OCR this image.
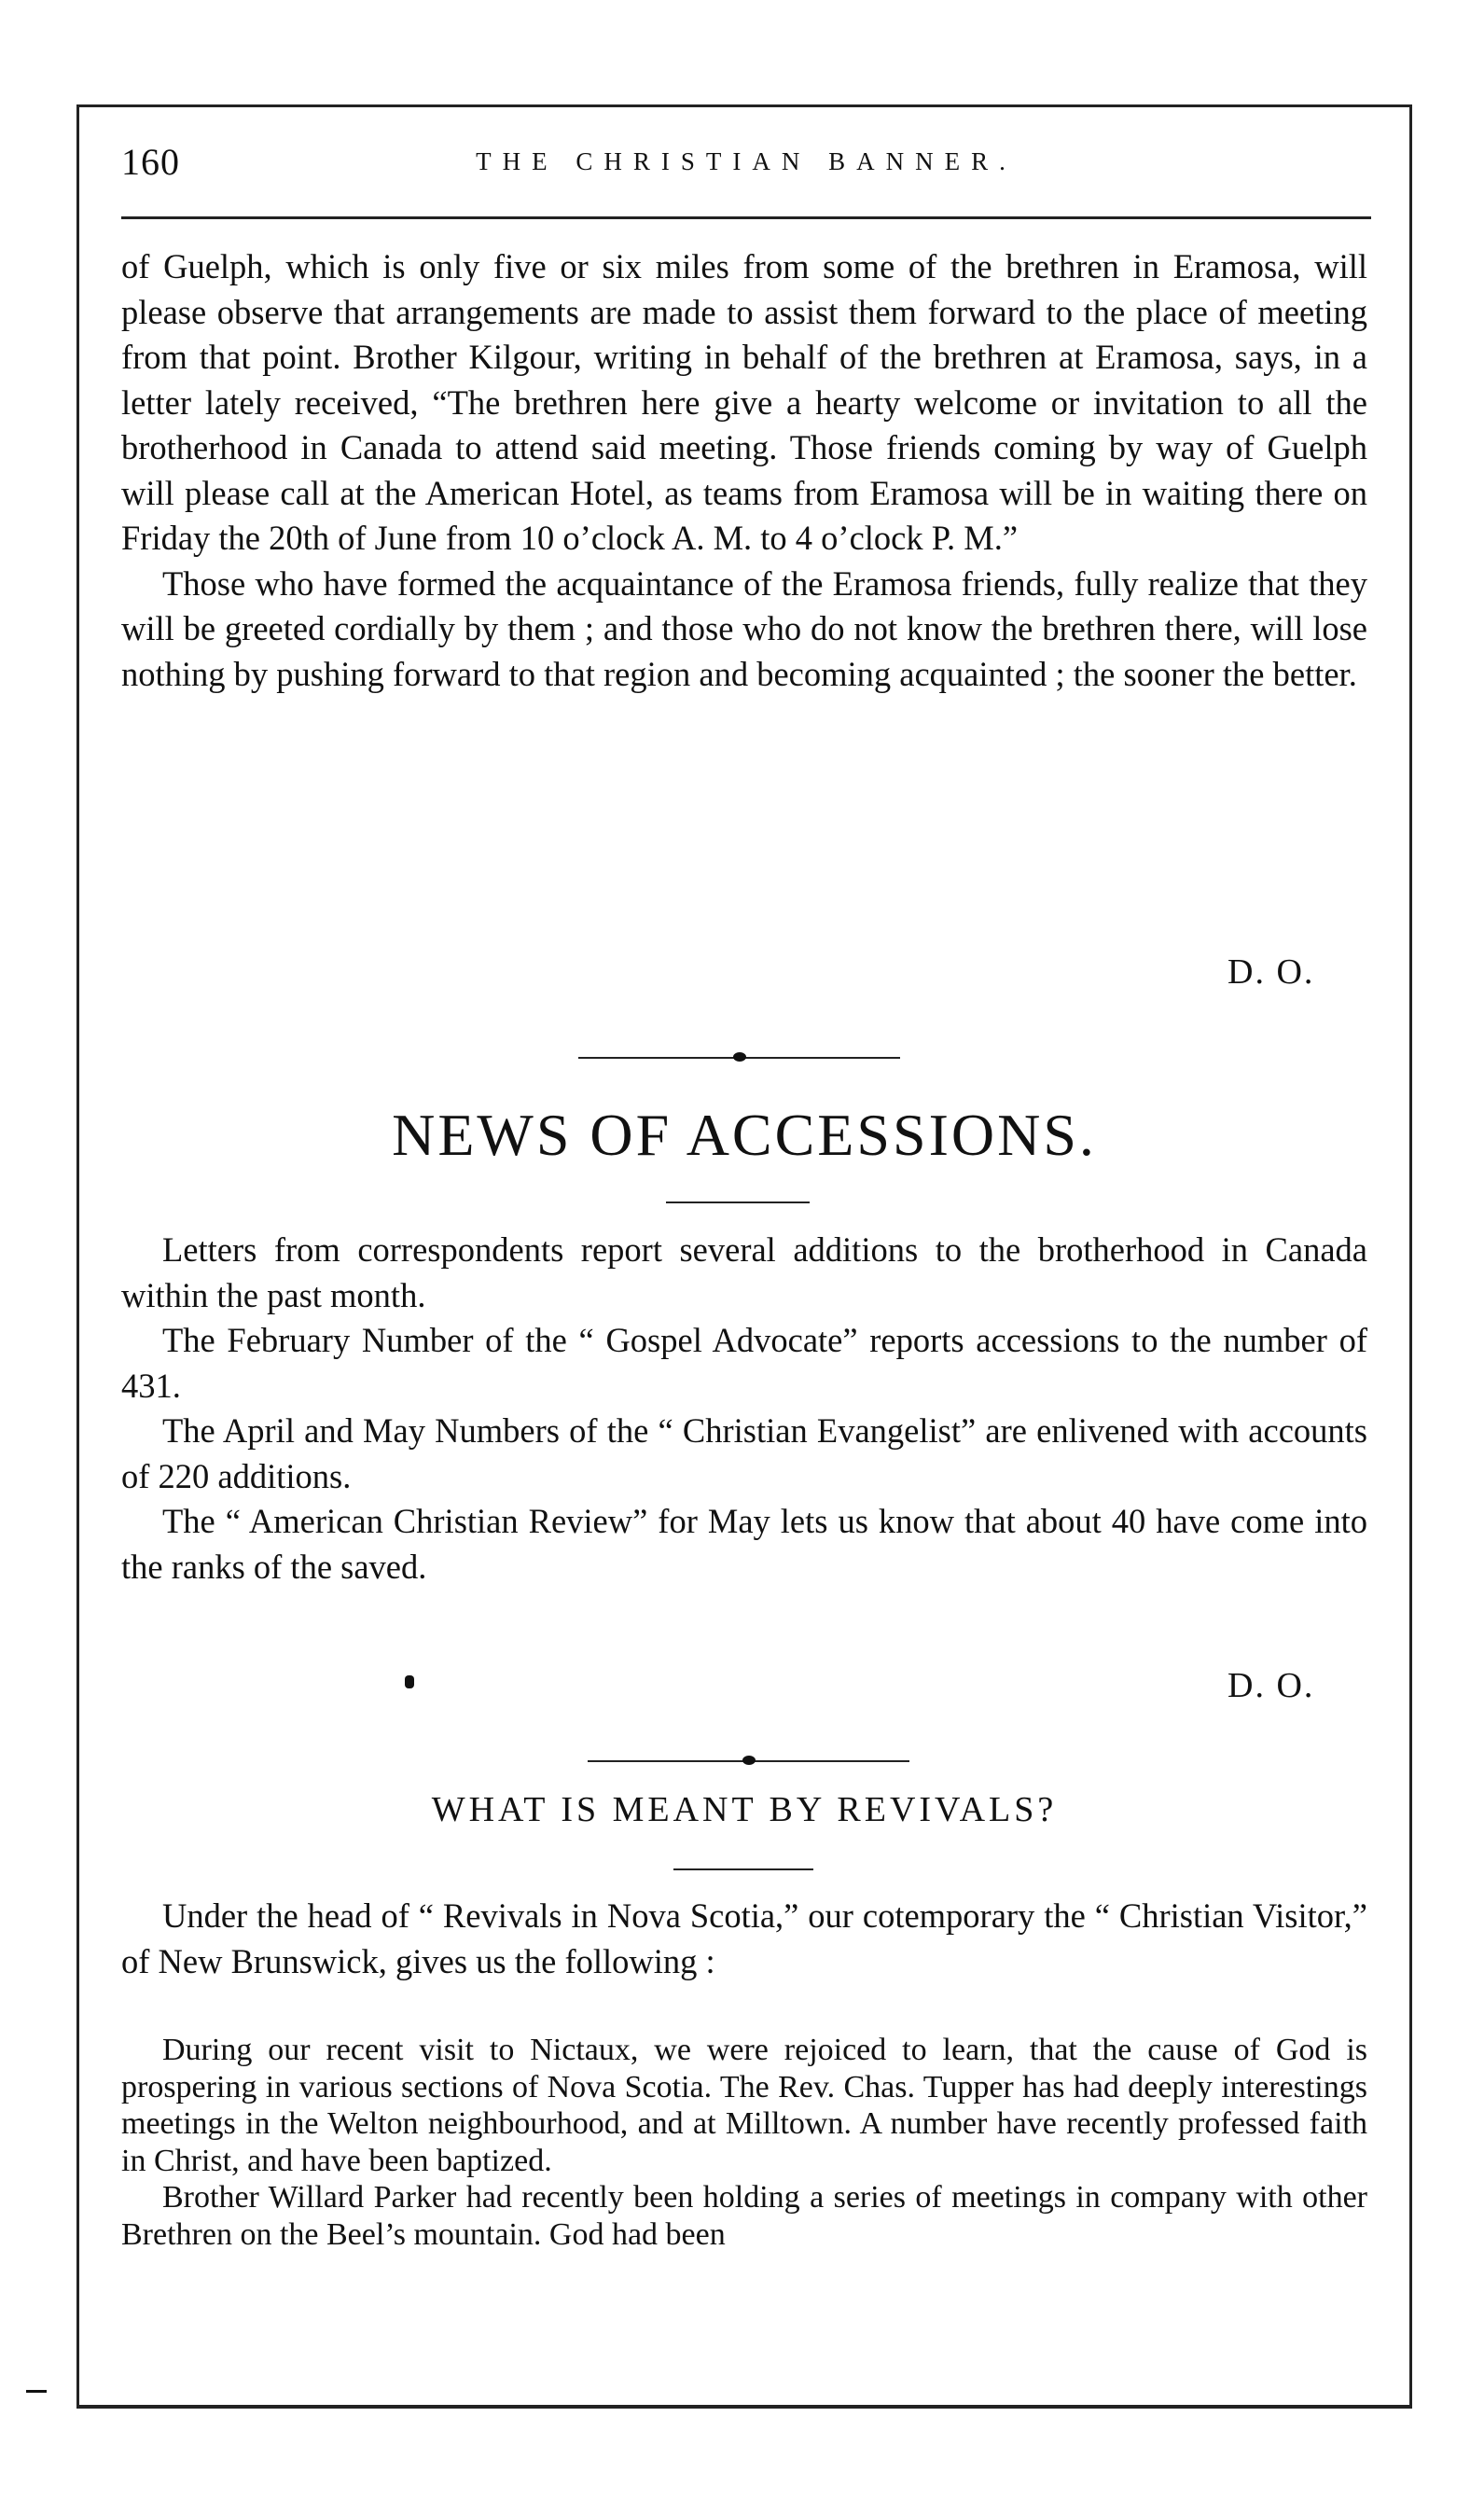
160	THE CHRISTIAN BANNER.

of Guelph, which is only five or six miles from some of the brethren in Eramosa, will please observe that arrangements are made to assist them forward to the place of meeting from that point. Brother Kilgour, writing in behalf of the brethren at Eramosa, says, in a letter lately received, “The brethren here give a hearty welcome or invitation to all the brotherhood in Canada to attend said meeting. Those friends coming by way of Guelph will please call at the American Hotel, as teams from Eramosa will be in waiting there on Friday the 20th of June from 10 o’clock A. M. to 4 o’clock P. M.”

Those who have formed the acquaintance of the Eramosa friends, fully realize that they will be greeted cordially by them ; and those who do not know the brethren there, will lose nothing by pushing forward to that region and becoming acquainted ; the sooner the better.

D. O.
NEWS OF ACCESSIONS.

Letters from correspondents report several additions to the brotherhood in Canada within the past month.

The February Number of the “ Gospel Advocate” reports accessions to the number of 431.

The April and May Numbers of the “ Christian Evangelist” are enlivened with accounts of 220 additions.

The “ American Christian Review” for May lets us know that about 40 have come into the ranks of the saved.

D. O.
WHAT IS MEANT BY REVIVALS?

Under the head of “ Revivals in Nova Scotia,” our cotemporary the “ Christian Visitor,” of New Brunswick, gives us the following :

During our recent visit to Nictaux, we were rejoiced to learn, that the cause of God is prospering in various sections of Nova Scotia. The Rev. Chas. Tupper has had deeply interestings meetings in the Welton neighbourhood, and at Milltown. A number have recently professed faith in Christ, and have been baptized.

Brother Willard Parker had recently been holding a series of meetings in company with other Brethren on the Beel’s mountain. God had been
